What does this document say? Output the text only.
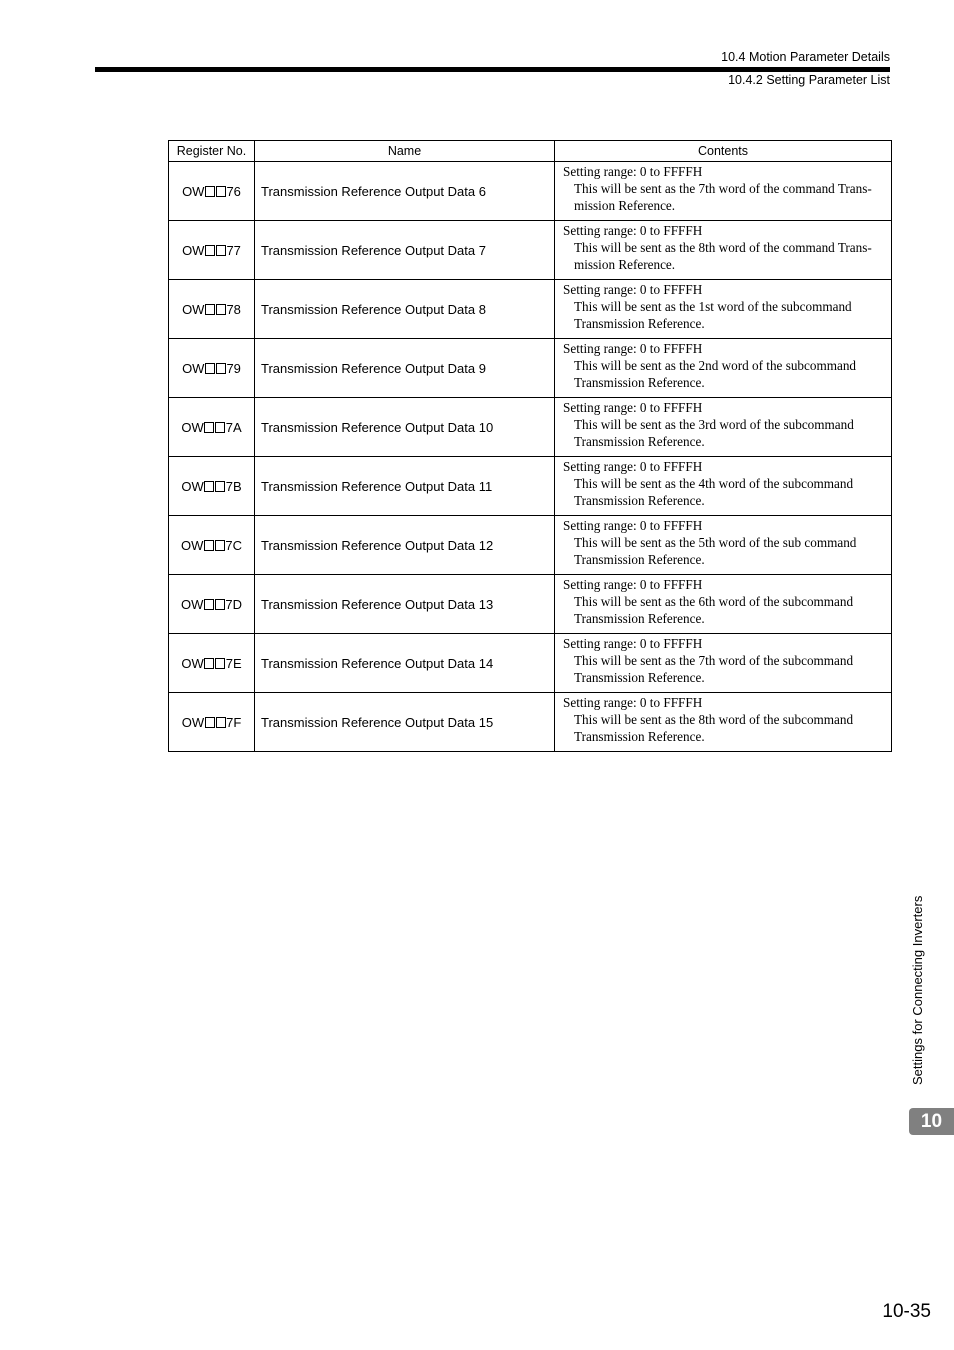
10.4 Motion Parameter Details
10.4.2 Setting Parameter List
Register No.	Name	Contents
OW 76	Transmission Reference Output Data 6	Setting range: 0 to FFFFH
This will be sent as the 7th word of the command Trans-mission Reference.

OW 77	Transmission Reference Output Data 7	Setting range: 0 to FFFFH
This will be sent as the 8th word of the command Trans-mission Reference.

OW 78	Transmission Reference Output Data 8	Setting range: 0 to FFFFH
This will be sent as the 1st word of the subcommand Transmission Reference.

OW 79	Transmission Reference Output Data 9	Setting range: 0 to FFFFH
This will be sent as the 2nd word of the subcommand Transmission Reference.

OW 7A	Transmission Reference Output Data 10	Setting range: 0 to FFFFH
This will be sent as the 3rd word of the subcommand Transmission Reference.

OW 7B	Transmission Reference Output Data 11	Setting range: 0 to FFFFH
This will be sent as the 4th word of the subcommand Transmission Reference.

OW 7C	Transmission Reference Output Data 12	Setting range: 0 to FFFFH
This will be sent as the 5th word of the sub command Transmission Reference.

OW 7D	Transmission Reference Output Data 13	Setting range: 0 to FFFFH
This will be sent as the 6th word of the subcommand Transmission Reference.

OW 7E	Transmission Reference Output Data 14	Setting range: 0 to FFFFH
This will be sent as the 7th word of the subcommand Transmission Reference.

OW 7F	Transmission Reference Output Data 15	Setting range: 0 to FFFFH
This will be sent as the 8th word of the subcommand Transmission Reference.
Settings for Connecting Inverters
10
10-35
